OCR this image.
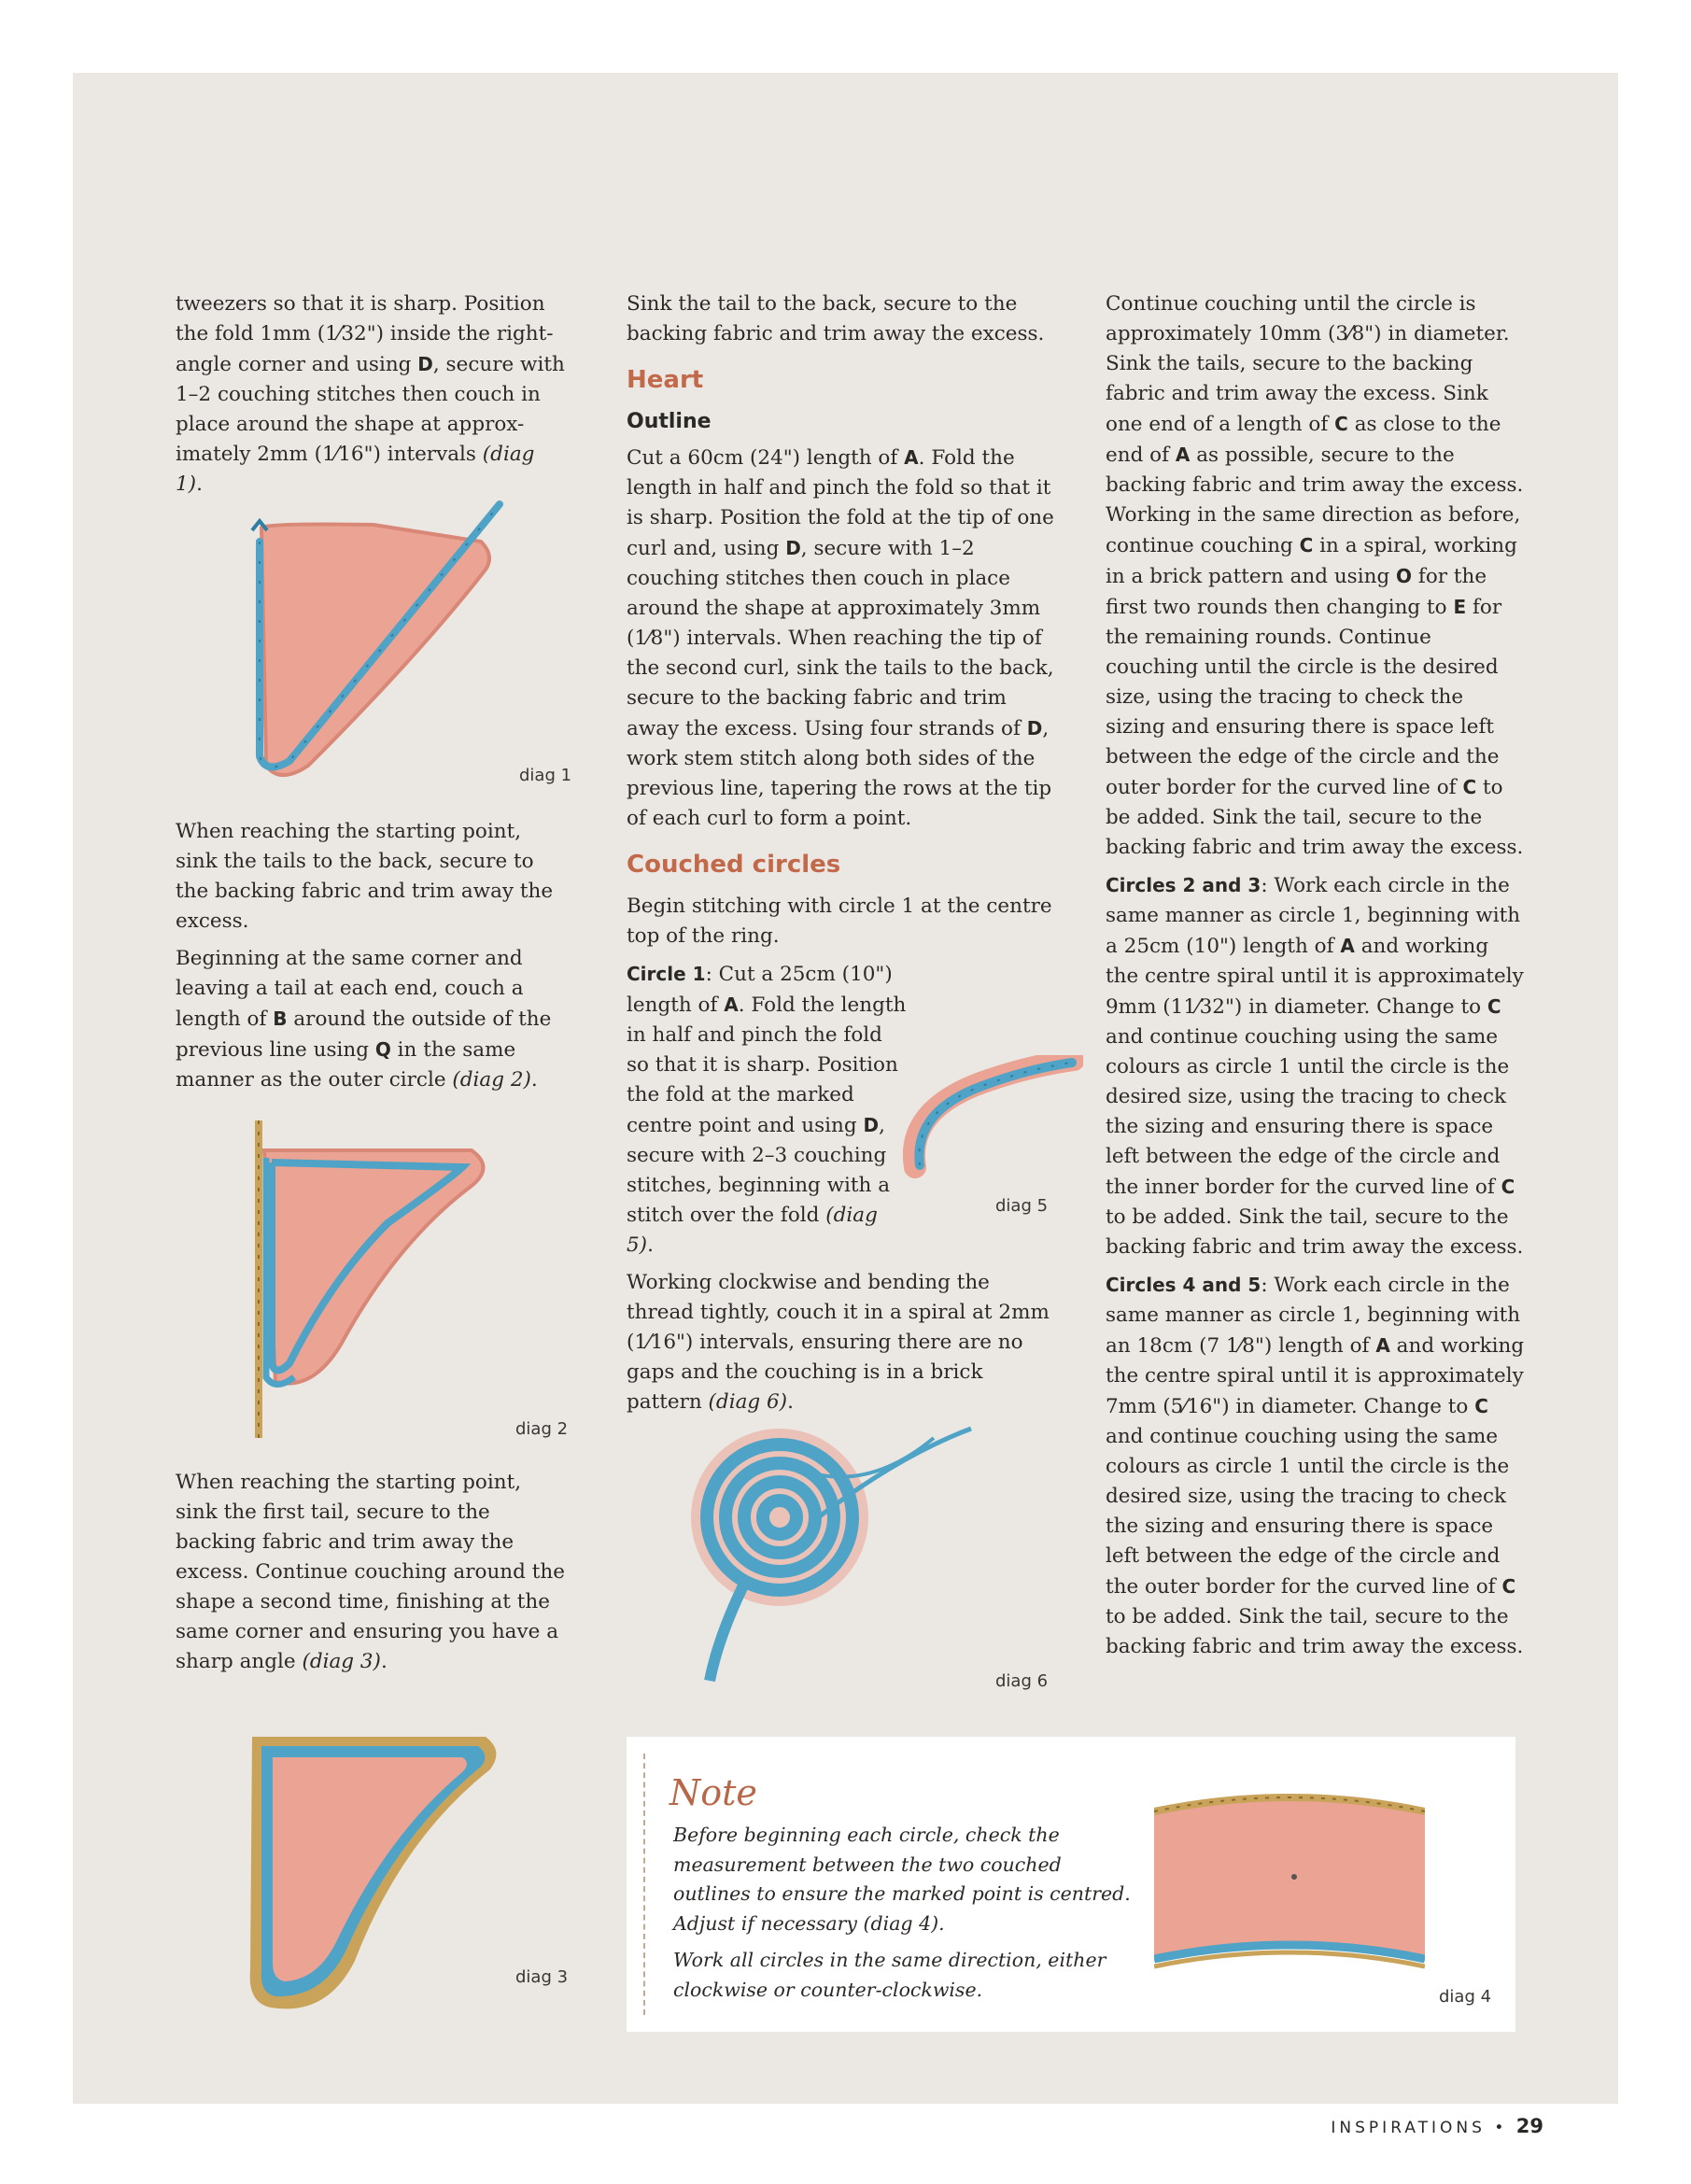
tweezers so that it is sharp. Position the fold 1mm (1⁄32") inside the right-angle corner and using D, secure with 1–2 couching stitches then couch in place around the shape at approx-imately 2mm (1⁄16") intervals (diag 1).

diag 1

When reaching the starting point, sink the tails to the back, secure to the backing fabric and trim away the excess.

Beginning at the same corner and leaving a tail at each end, couch a length of B around the outside of the previous line using Q in the same manner as the outer circle (diag 2).

diag 2

When reaching the starting point, sink the first tail, secure to the backing fabric and trim away the excess. Continue couching around the shape a second time, finishing at the same corner and ensuring you have a sharp angle (diag 3).

diag 3

Sink the tail to the back, secure to the backing fabric and trim away the excess.

Heart
Outline

Cut a 60cm (24") length of A. Fold the length in half and pinch the fold so that it is sharp. Position the fold at the tip of one curl and, using D, secure with 1–2 couching stitches then couch in place around the shape at approximately 3mm (1⁄8") intervals. When reaching the tip of the second curl, sink the tails to the back, secure to the backing fabric and trim away the excess. Using four strands of D, work stem stitch along both sides of the previous line, tapering the rows at the tip of each curl to form a point.

Couched circles

Begin stitching with circle 1 at the centre top of the ring.

Circle 1: Cut a 25cm (10") length of A. Fold the length in half and pinch the fold so that it is sharp. Position the fold at the marked centre point and using D, secure with 2–3 couching stitches, beginning with a stitch over the fold (diag 5).

Working clockwise and bending the thread tightly, couch it in a spiral at 2mm (1⁄16") intervals, ensuring there are no gaps and the couching is in a brick pattern (diag 6).

diag 5
diag 6

Continue couching until the circle is approximately 10mm (3⁄8") in diameter. Sink the tails, secure to the backing fabric and trim away the excess. Sink one end of a length of C as close to the end of A as possible, secure to the backing fabric and trim away the excess. Working in the same direction as before, continue couching C in a spiral, working in a brick pattern and using O for the first two rounds then changing to E for the remaining rounds. Continue couching until the circle is the desired size, using the tracing to check the sizing and ensuring there is space left between the edge of the circle and the outer border for the curved line of C to be added. Sink the tail, secure to the backing fabric and trim away the excess.

Circles 2 and 3: Work each circle in the same manner as circle 1, beginning with a 25cm (10") length of A and working the centre spiral until it is approximately 9mm (11⁄32") in diameter. Change to C and continue couching using the same colours as circle 1 until the circle is the desired size, using the tracing to check the sizing and ensuring there is space left between the edge of the circle and the inner border for the curved line of C to be added. Sink the tail, secure to the backing fabric and trim away the excess.

Circles 4 and 5: Work each circle in the same manner as circle 1, beginning with an 18cm (7 1⁄8") length of A and working the centre spiral until it is approximately 7mm (5⁄16") in diameter. Change to C and continue couching using the same colours as circle 1 until the circle is the desired size, using the tracing to check the sizing and ensuring there is space left between the edge of the circle and the outer border for the curved line of C to be added. Sink the tail, secure to the backing fabric and trim away the excess.

Note

Before beginning each circle, check the measurement between the two couched outlines to ensure the marked point is centred. Adjust if necessary (diag 4).

Work all circles in the same direction, either clockwise or counter-clockwise.	diag 4
INSPIRATIONS • 29
